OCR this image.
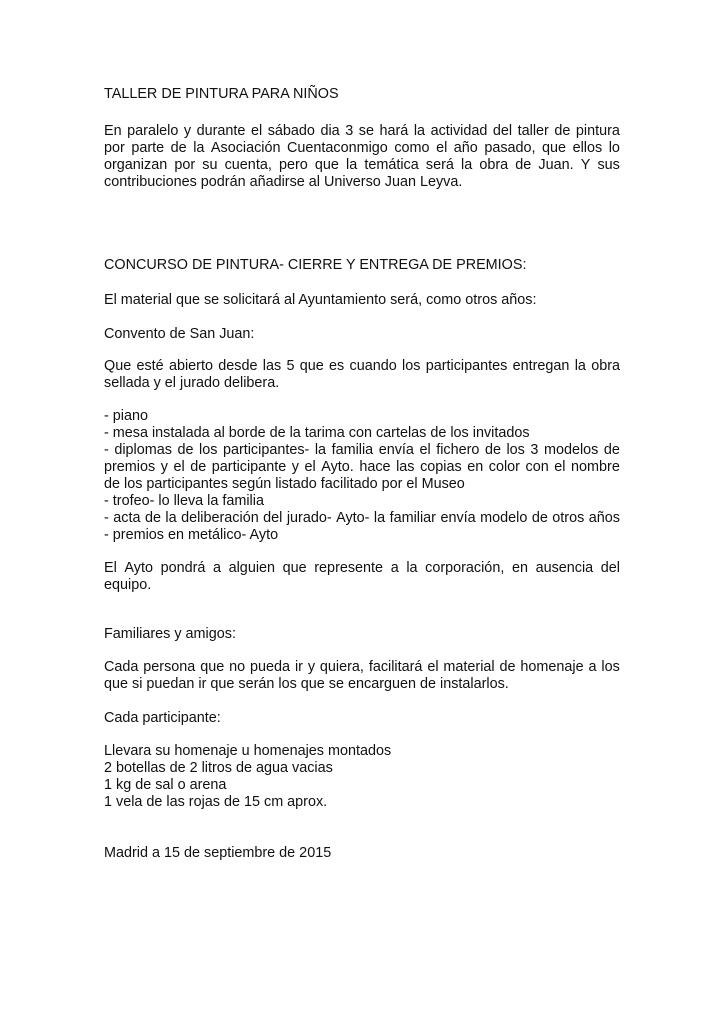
TALLER DE PINTURA PARA NIÑOS

En paralelo y durante el sábado dia 3 se hará la actividad del taller de pintura

por parte de la Asociación Cuentaconmigo como el año pasado, que ellos lo

organizan por su cuenta, pero que la temática será la obra de Juan. Y sus

contribuciones podrán añadirse al Universo Juan Leyva.

CONCURSO DE PINTURA- CIERRE Y ENTREGA DE PREMIOS:

El material que se solicitará al Ayuntamiento será, como otros años:

Convento de San Juan:

Que esté abierto desde las 5 que es cuando los participantes entregan la obra

sellada y el jurado delibera.

- piano

- mesa instalada al borde de la tarima con cartelas de los invitados

- diplomas de los participantes- la familia envía el fichero de los 3 modelos de

premios y el de participante y el Ayto. hace las copias en color con el nombre

de los participantes según listado facilitado por el Museo

- trofeo- lo lleva la familia

- acta de la deliberación del jurado- Ayto- la familiar envía modelo de otros años

- premios en metálico- Ayto

El Ayto pondrá a alguien que represente a la corporación, en ausencia del

equipo.

Familiares y amigos:

Cada persona que no pueda ir y quiera, facilitará el material de homenaje a los

que si puedan ir que serán los que se encarguen de instalarlos.

Cada participante:

Llevara su homenaje u homenajes montados

2 botellas de 2 litros de agua vacias

1 kg de sal o arena

1 vela de las rojas de 15 cm aprox.

Madrid a 15 de septiembre de 2015
